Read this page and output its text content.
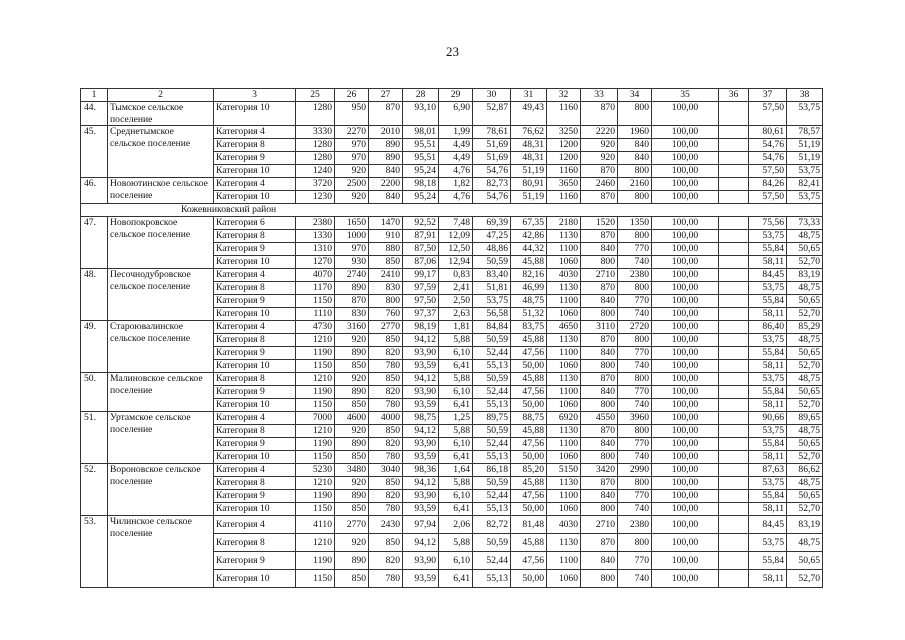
23
1	2	3	25	26	27	28	29	30	31	32	33	34	35	36	37	38
44.	Тымское сельское поселение	Категория 10	1280	950	870	93,10	6,90	52,87	49,43	1160	870	800	100,00		57,50	53,75
45.	Среднетымское сельское поселение	Категория 4	3330	2270	2010	98,01	1,99	78,61	76,62	3250	2220	1960	100,00		80,61	78,57
		Категория 8	1280	970	890	95,51	4,49	51,69	48,31	1200	920	840	100,00		54,76	51,19
		Категория 9	1280	970	890	95,51	4,49	51,69	48,31	1200	920	840	100,00		54,76	51,19
		Категория 10	1240	920	840	95,24	4,76	54,76	51,19	1160	870	800	100,00		57,50	53,75
46.	Новоютинское сельское поселение	Категория 4	3720	2500	2200	98,18	1,82	82,73	80,91	3650	2460	2160	100,00		84,26	82,41
		Категория 10	1230	920	840	95,24	4,76	54,76	51,19	1160	870	800	100,00		57,50	53,75
Кожевниковский район																
47.	Новопокровское сельское поселение	Категория 6	2380	1650	1470	92,52	7,48	69,39	67,35	2180	1520	1350	100,00		75,56	73,33
		Категория 8	1330	1000	910	87,91	12,09	47,25	42,86	1130	870	800	100,00		53,75	48,75
		Категория 9	1310	970	880	87,50	12,50	48,86	44,32	1100	840	770	100,00		55,84	50,65
		Категория 10	1270	930	850	87,06	12,94	50,59	45,88	1060	800	740	100,00		58,11	52,70
48.	Песочнодубровское сельское поселение	Категория 4	4070	2740	2410	99,17	0,83	83,40	82,16	4030	2710	2380	100,00		84,45	83,19
		Категория 8	1170	890	830	97,59	2,41	51,81	46,99	1130	870	800	100,00		53,75	48,75
		Категория 9	1150	870	800	97,50	2,50	53,75	48,75	1100	840	770	100,00		55,84	50,65
		Категория 10	1110	830	760	97,37	2,63	56,58	51,32	1060	800	740	100,00		58,11	52,70
49.	Староювалинское сельское поселение	Категория 4	4730	3160	2770	98,19	1,81	84,84	83,75	4650	3110	2720	100,00		86,40	85,29
		Категория 8	1210	920	850	94,12	5,88	50,59	45,88	1130	870	800	100,00		53,75	48,75
		Категория 9	1190	890	820	93,90	6,10	52,44	47,56	1100	840	770	100,00		55,84	50,65
		Категория 10	1150	850	780	93,59	6,41	55,13	50,00	1060	800	740	100,00		58,11	52,70
50.	Малиновское сельское поселение	Категория 8	1210	920	850	94,12	5,88	50,59	45,88	1130	870	800	100,00		53,75	48,75
		Категория 9	1190	890	820	93,90	6,10	52,44	47,56	1100	840	770	100,00		55,84	50,65
		Категория 10	1150	850	780	93,59	6,41	55,13	50,00	1060	800	740	100,00		58,11	52,70
51.	Уртамское сельское поселение	Категория 4	7000	4600	4000	98,75	1,25	89,75	88,75	6920	4550	3960	100,00		90,66	89,65
		Категория 8	1210	920	850	94,12	5,88	50,59	45,88	1130	870	800	100,00		53,75	48,75
		Категория 9	1190	890	820	93,90	6,10	52,44	47,56	1100	840	770	100,00		55,84	50,65
		Категория 10	1150	850	780	93,59	6,41	55,13	50,00	1060	800	740	100,00		58,11	52,70
52.	Вороновское сельское поселение	Категория 4	5230	3480	3040	98,36	1,64	86,18	85,20	5150	3420	2990	100,00		87,63	86,62
		Категория 8	1210	920	850	94,12	5,88	50,59	45,88	1130	870	800	100,00		53,75	48,75
		Категория 9	1190	890	820	93,90	6,10	52,44	47,56	1100	840	770	100,00		55,84	50,65
		Категория 10	1150	850	780	93,59	6,41	55,13	50,00	1060	800	740	100,00		58,11	52,70
53.	Чилинское сельское поселение	Категория 4	4110	2770	2430	97,94	2,06	82,72	81,48	4030	2710	2380	100,00		84,45	83,19
		Категория 8	1210	920	850	94,12	5,88	50,59	45,88	1130	870	800	100,00		53,75	48,75
		Категория 9	1190	890	820	93,90	6,10	52,44	47,56	1100	840	770	100,00		55,84	50,65
		Категория 10	1150	850	780	93,59	6,41	55,13	50,00	1060	800	740	100,00		58,11	52,70
